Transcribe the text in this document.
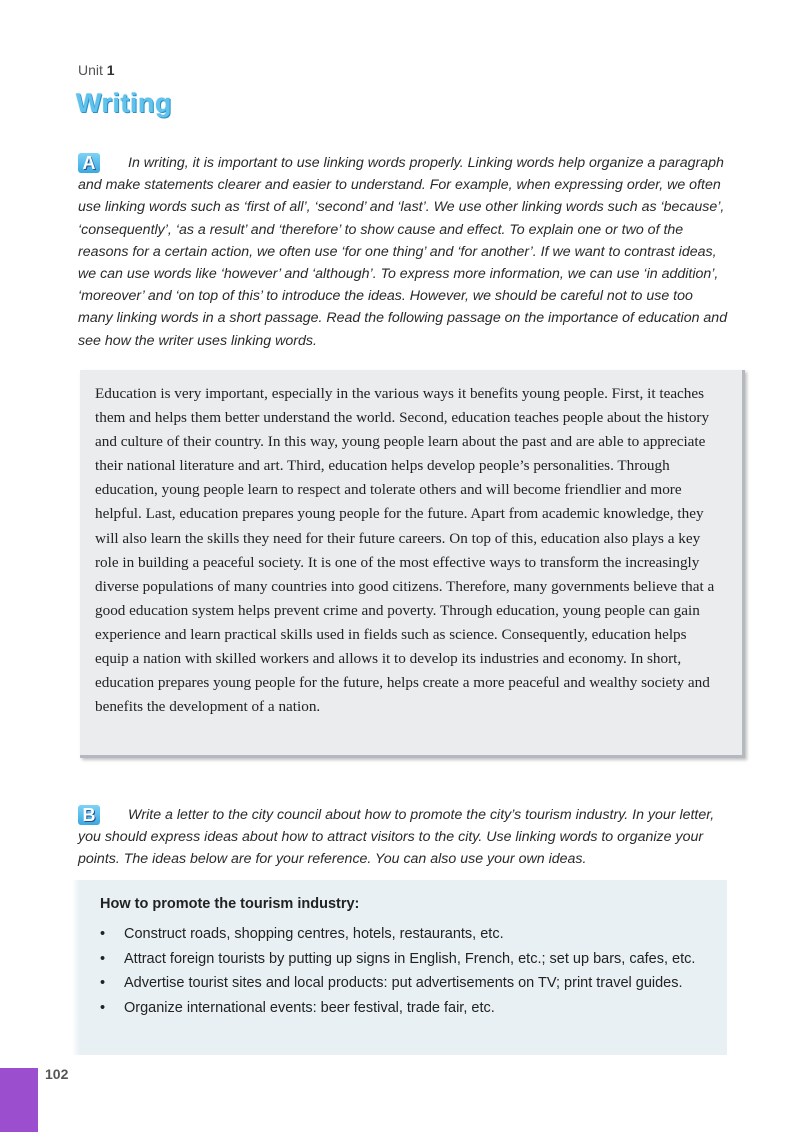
Unit 1
Writing

A In writing, it is important to use linking words properly. Linking words help organize a paragraph and make statements clearer and easier to understand. For example, when expressing order, we often use linking words such as ‘first of all’, ‘second’ and ‘last’. We use other linking words such as ‘because’, ‘consequently’, ‘as a result’ and ‘therefore’ to show cause and effect. To explain one or two of the reasons for a certain action, we often use ‘for one thing’ and ‘for another’. If we want to contrast ideas, we can use words like ‘however’ and ‘although’. To express more information, we can use ‘in addition’, ‘moreover’ and ‘on top of this’ to introduce the ideas. However, we should be careful not to use too many linking words in a short passage. Read the following passage on the importance of education and see how the writer uses linking words.

Education is very important, especially in the various ways it benefits young people. First, it teaches them and helps them better understand the world. Second, education teaches people about the history and culture of their country. In this way, young people learn about the past and are able to appreciate their national literature and art. Third, education helps develop people’s personalities. Through education, young people learn to respect and tolerate others and will become friendlier and more helpful. Last, education prepares young people for the future. Apart from academic knowledge, they will also learn the skills they need for their future careers. On top of this, education also plays a key role in building a peaceful society. It is one of the most effective ways to transform the increasingly diverse populations of many countries into good citizens. Therefore, many governments believe that a good education system helps prevent crime and poverty. Through education, young people can gain experience and learn practical skills used in fields such as science. Consequently, education helps equip a nation with skilled workers and allows it to develop its industries and economy. In short, education prepares young people for the future, helps create a more peaceful and wealthy society and benefits the development of a nation.

B Write a letter to the city council about how to promote the city’s tourism industry. In your letter, you should express ideas about how to attract visitors to the city. Use linking words to organize your points. The ideas below are for your reference. You can also use your own ideas.

How to promote the tourism industry:

• Construct roads, shopping centres, hotels, restaurants, etc.
• Attract foreign tourists by putting up signs in English, French, etc.; set up bars, cafes, etc.
• Advertise tourist sites and local products: put advertisements on TV; print travel guides.
• Organize international events: beer festival, trade fair, etc.
102
